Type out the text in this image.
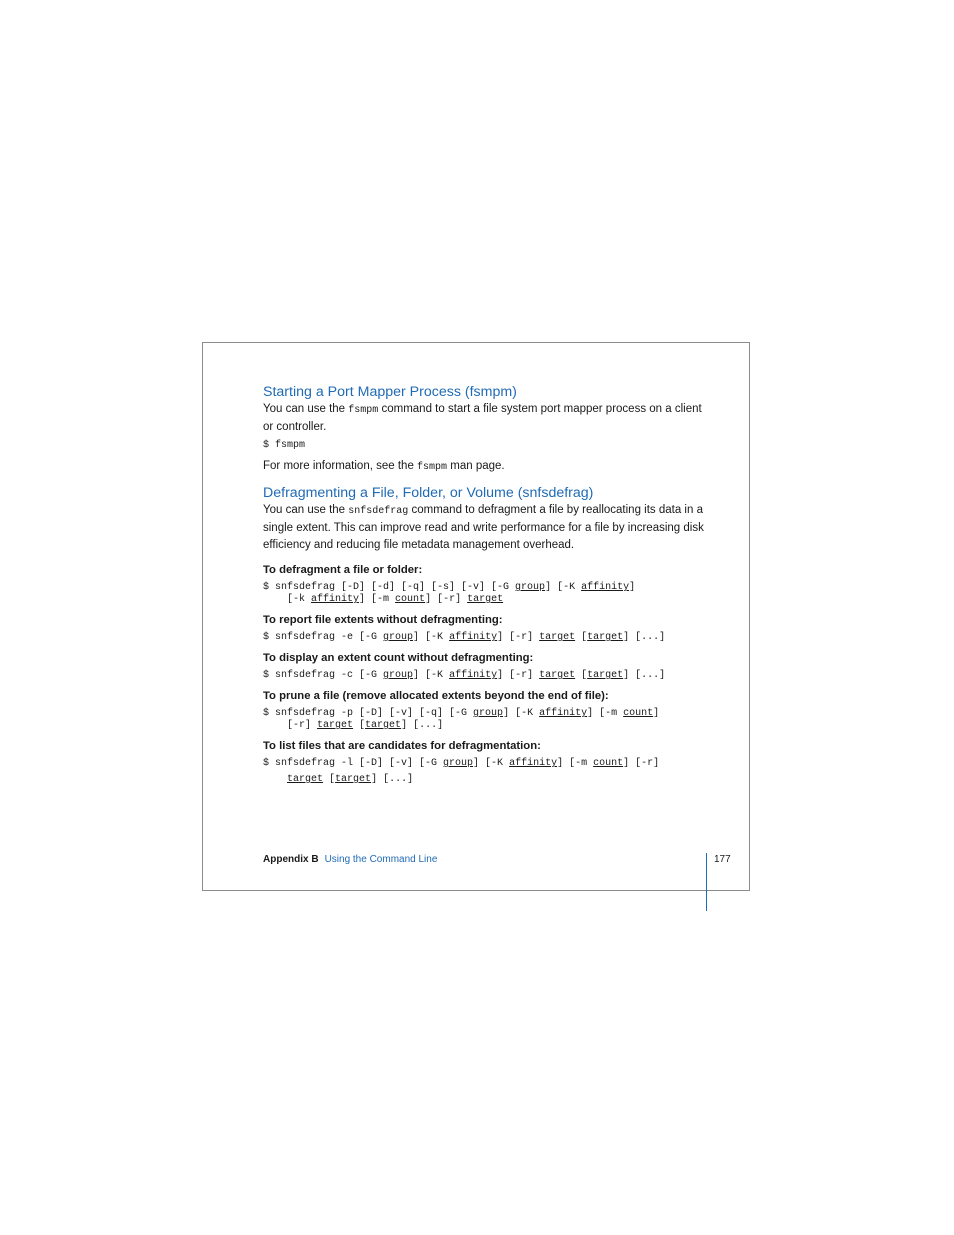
Starting a Port Mapper Process (fsmpm)

You can use the fsmpm command to start a file system port mapper process on a client or controller.

$ fsmpm

For more information, see the fsmpm man page.

Defragmenting a File, Folder, or Volume (snfsdefrag)

You can use the snfsdefrag command to defragment a file by reallocating its data in a single extent. This can improve read and write performance for a file by increasing disk efficiency and reducing file metadata management overhead.

To defragment a file or folder:

$ snfsdefrag [-D] [-d] [-q] [-s] [-v] [-G group] [-K affinity]
[-k affinity] [-m count] [-r] target

To report file extents without defragmenting:

$ snfsdefrag -e [-G group] [-K affinity] [-r] target [target] [...]

To display an extent count without defragmenting:

$ snfsdefrag -c [-G group] [-K affinity] [-r] target [target] [...]

To prune a file (remove allocated extents beyond the end of file):

$ snfsdefrag -p [-D] [-v] [-q] [-G group] [-K affinity] [-m count]
[-r] target [target] [...]

To list files that are candidates for defragmentation:

$ snfsdefrag -l [-D] [-v] [-G group] [-K affinity] [-m count] [-r]
target [target] [...]
Appendix B Using the Command Line	177
